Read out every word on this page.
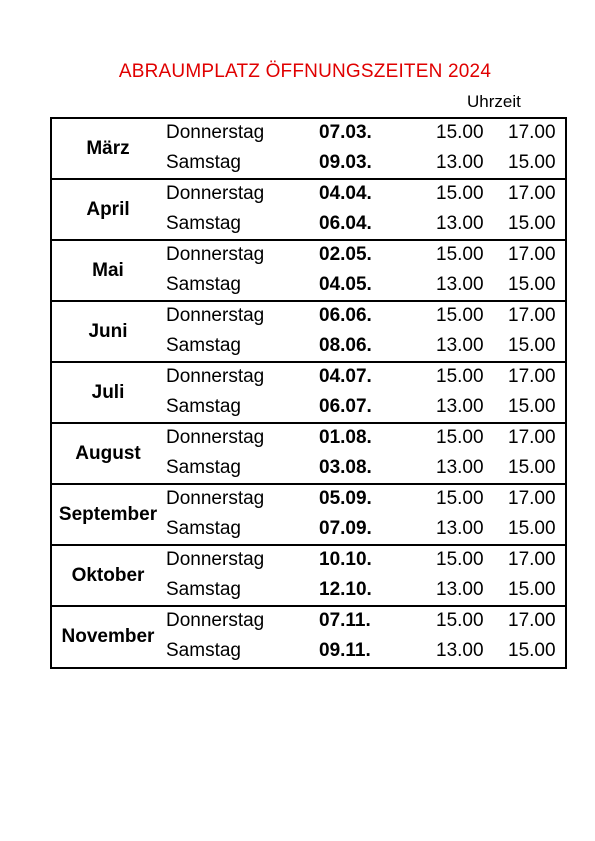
ABRAUMPLATZ ÖFFNUNGSZEITEN 2024
Uhrzeit
März
Donnerstag	07.03.	15.00 17.00
Samstag	09.03.	13.00 15.00
April
Donnerstag	04.04.	15.00 17.00
Samstag	06.04.	13.00 15.00
Mai
Donnerstag	02.05.	15.00 17.00
Samstag	04.05.	13.00 15.00
Juni
Donnerstag	06.06.	15.00 17.00
Samstag	08.06.	13.00 15.00
Juli
Donnerstag	04.07.	15.00 17.00
Samstag	06.07.	13.00 15.00
August
Donnerstag	01.08.	15.00 17.00
Samstag	03.08.	13.00 15.00
September
Donnerstag	05.09.	15.00 17.00
Samstag	07.09.	13.00 15.00
Oktober
Donnerstag	10.10.	15.00 17.00
Samstag	12.10.	13.00 15.00
November
Donnerstag	07.11.	15.00 17.00
Samstag	09.11.	13.00 15.00
